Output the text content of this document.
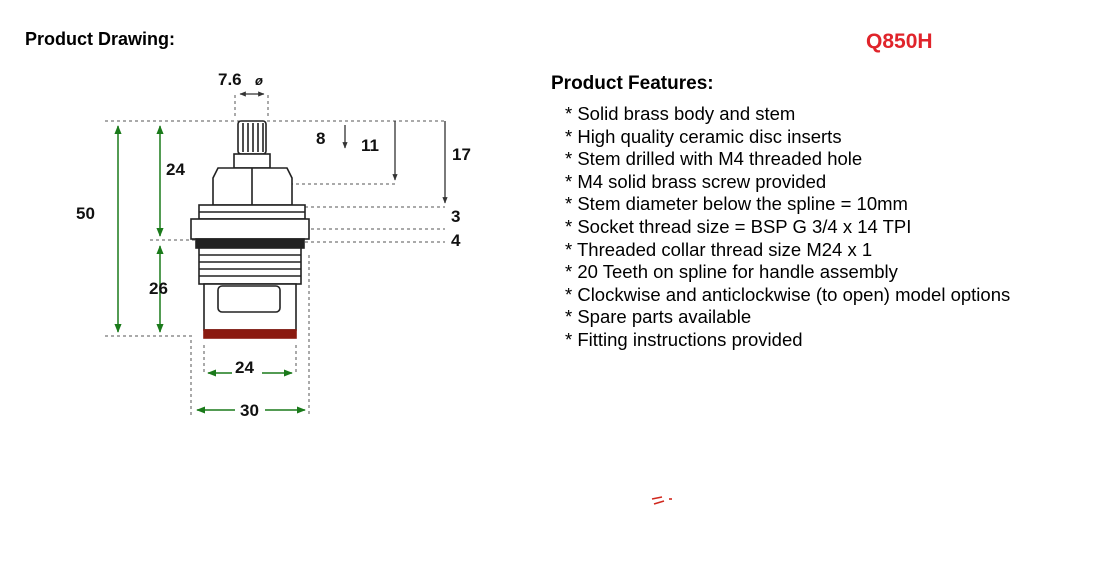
Product Drawing:	Q850H
Product Features:
* Solid brass body and stem
* High quality ceramic disc inserts
* Stem drilled with M4 threaded hole
* M4 solid brass screw provided
* Stem diameter below the spline = 10mm
* Socket thread size = BSP G 3/4 x 14 TPI
* Threaded collar thread size M24 x 1
* 20 Teeth on spline for handle assembly
* Clockwise and anticlockwise (to open) model options
* Spare parts available
* Fitting instructions provided
7.6 ø
8 11	17
24
50
26
3
4
24
30
